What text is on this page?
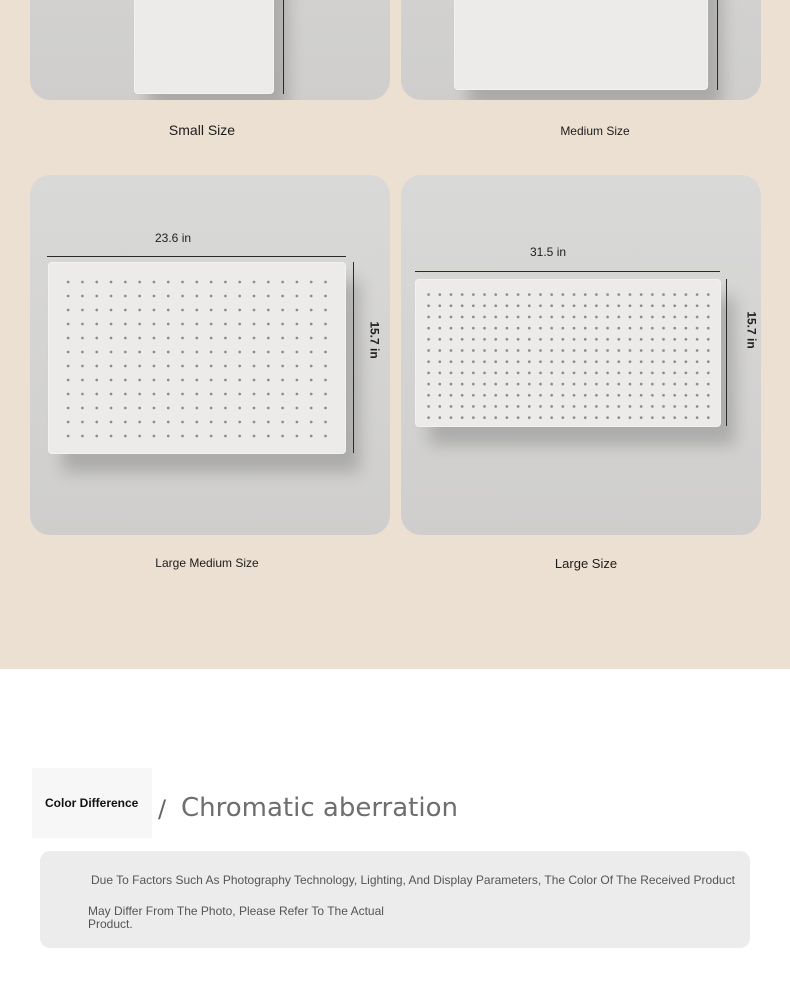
Small Size	Medium Size
23.6 in
15.7 in
Large Medium Size
31.5 in
15.7 in
Large Size
Color Difference / Chromatic aberration
Due To Factors Such As Photography Technology, Lighting, And Display Parameters, The Color Of The Received Product
May Differ From The Photo, Please Refer To The Actual Product.
